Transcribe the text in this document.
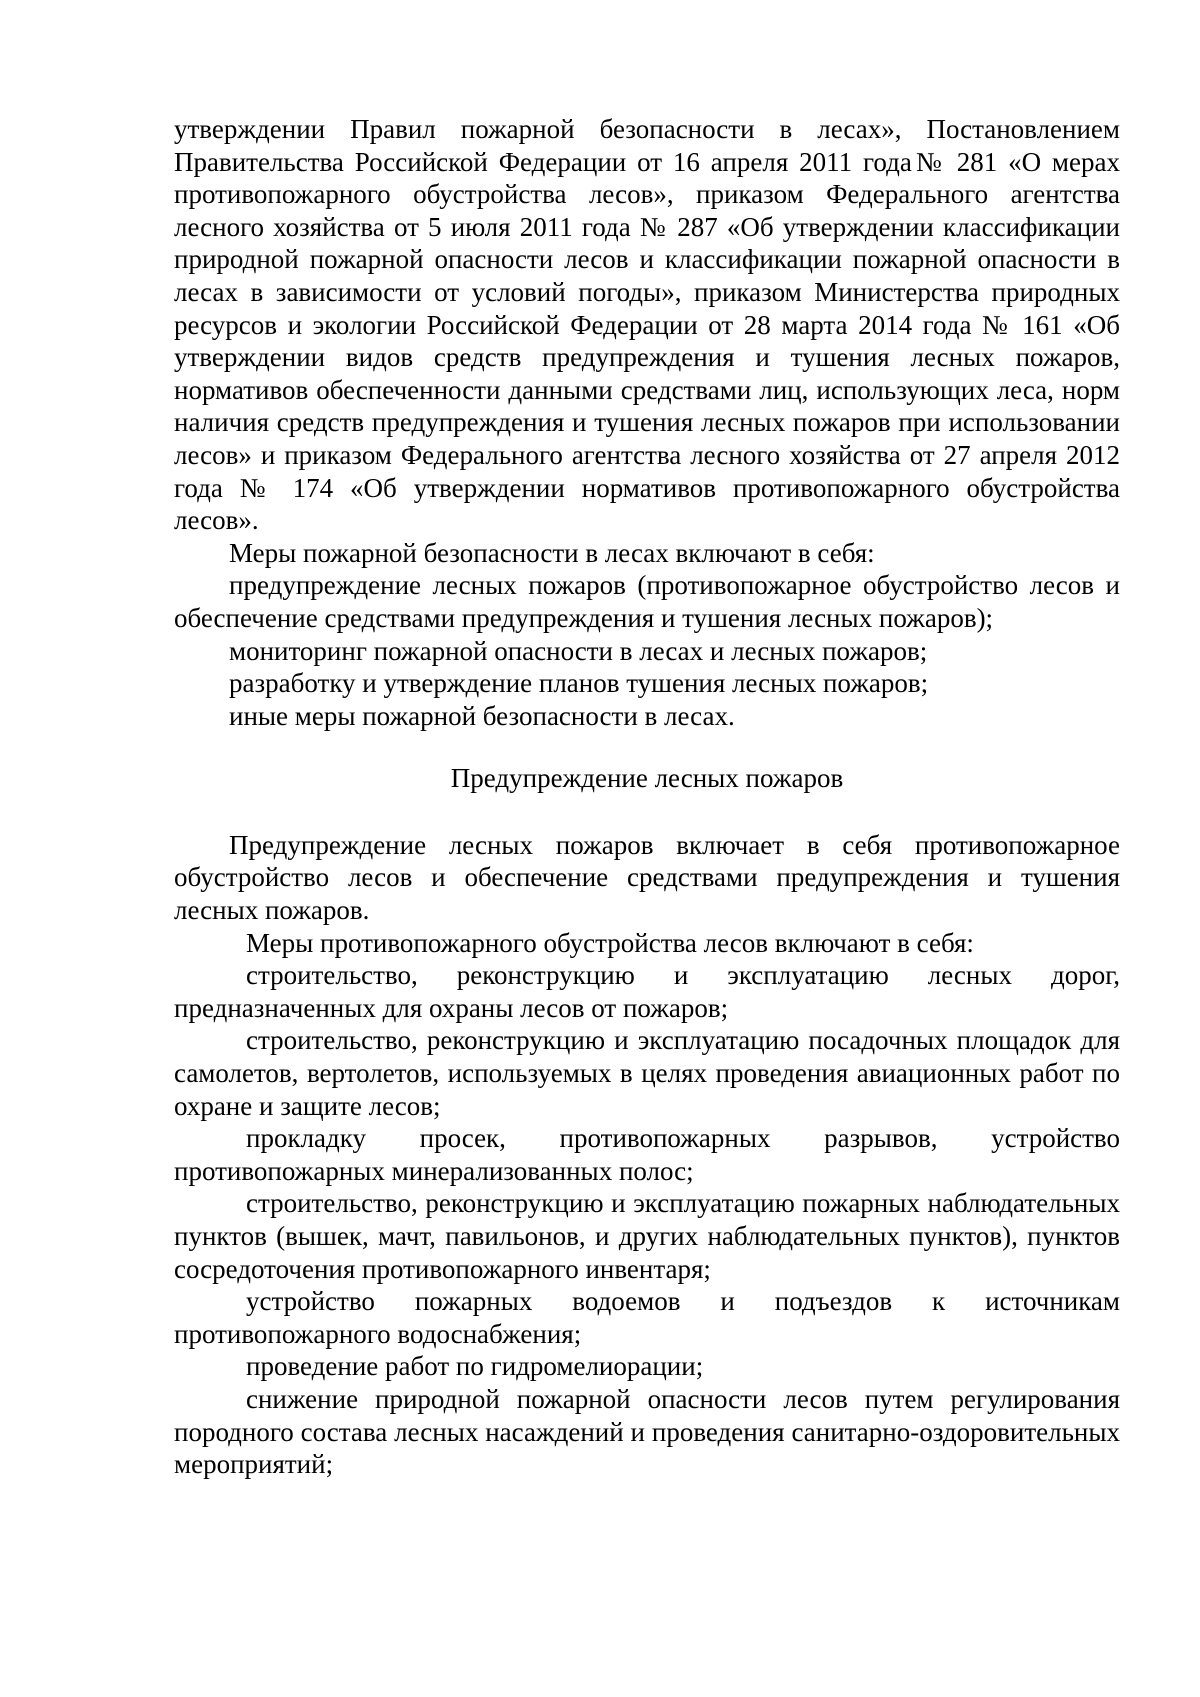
утверждении Правил пожарной безопасности в лесах», Постановлением Правительства Российской Федерации от 16 апреля 2011 года№ 281 «О мерах противопожарного обустройства лесов», приказом Федерального агентства лесного хозяйства от 5 июля 2011 года № 287 «Об утверждении классификации природной пожарной опасности лесов и классификации пожарной опасности в лесах в зависимости от условий погоды», приказом Министерства природных ресурсов и экологии Российской Федерации от 28 марта 2014 года № 161 «Об утверждении видов средств предупреждения и тушения лесных пожаров, нормативов обеспеченности данными средствами лиц, использующих леса, норм наличия средств предупреждения и тушения лесных пожаров при использовании лесов» и приказом Федерального агентства лесного хозяйства от 27 апреля 2012 года № 174 «Об утверждении нормативов противопожарного обустройства лесов».

Меры пожарной безопасности в лесах включают в себя:

предупреждение лесных пожаров (противопожарное обустройство лесов и обеспечение средствами предупреждения и тушения лесных пожаров);

мониторинг пожарной опасности в лесах и лесных пожаров;

разработку и утверждение планов тушения лесных пожаров;

иные меры пожарной безопасности в лесах.

Предупреждение лесных пожаров

Предупреждение лесных пожаров включает в себя противопожарное обустройство лесов и обеспечение средствами предупреждения и тушения лесных пожаров.

Меры противопожарного обустройства лесов включают в себя:

строительство, реконструкцию и эксплуатацию лесных дорог, предназначенных для охраны лесов от пожаров;

строительство, реконструкцию и эксплуатацию посадочных площадок для самолетов, вертолетов, используемых в целях проведения авиационных работ по охране и защите лесов;

прокладку просек, противопожарных разрывов, устройство противопожарных минерализованных полос;

строительство, реконструкцию и эксплуатацию пожарных наблюдательных пунктов (вышек, мачт, павильонов, и других наблюдательных пунктов), пунктов сосредоточения противопожарного инвентаря;

устройство пожарных водоемов и подъездов к источникам противопожарного водоснабжения;

проведение работ по гидромелиорации;

снижение природной пожарной опасности лесов путем регулирования породного состава лесных насаждений и проведения санитарно-оздоровительных мероприятий;
